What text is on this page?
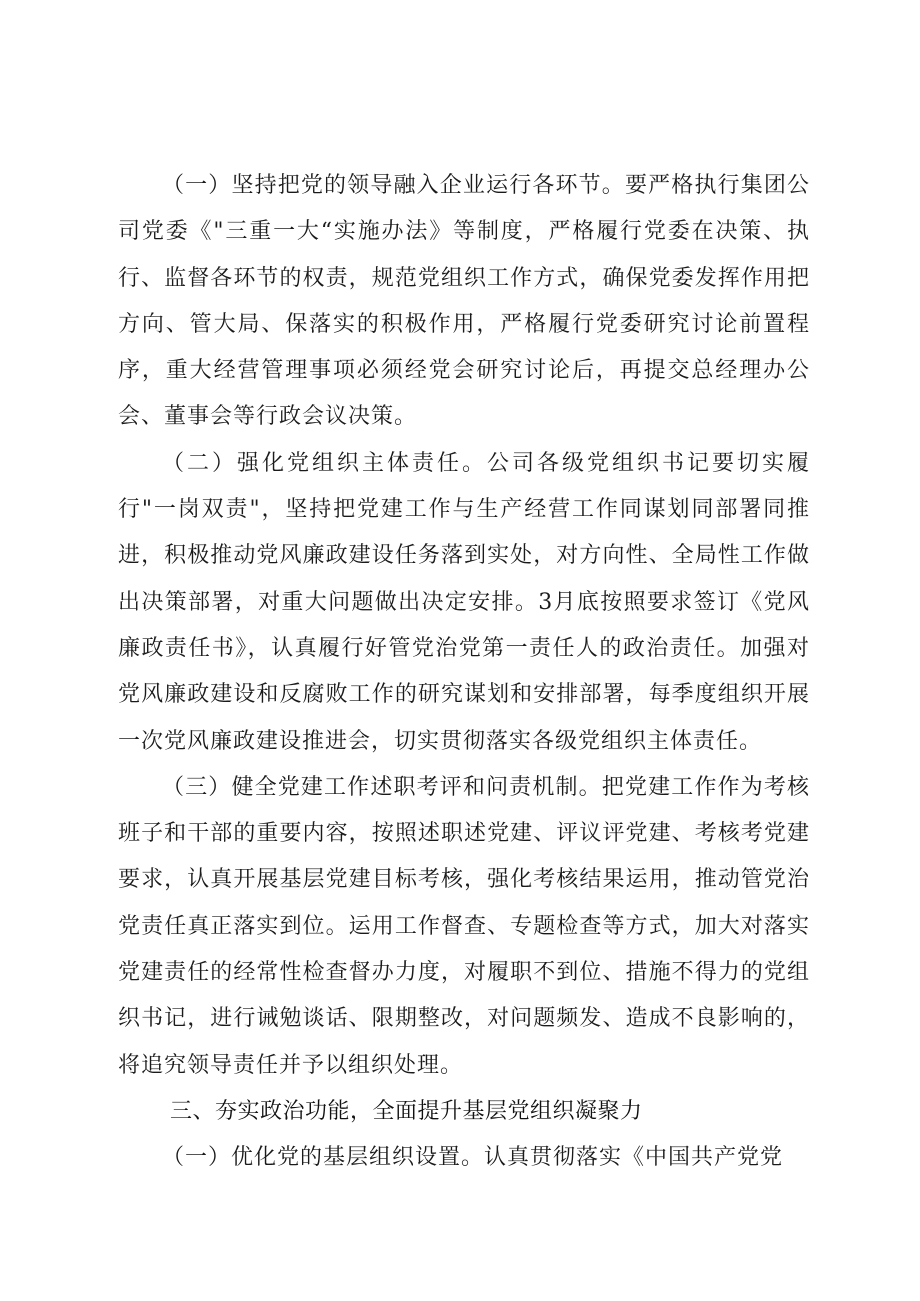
（一）坚持把党的领导融入企业运行各环节。要严格执行集团公司党委《"三重一大“实施办法》等制度，严格履行党委在决策、执行、监督各环节的权责，规范党组织工作方式，确保党委发挥作用把方向、管大局、保落实的积极作用，严格履行党委研究讨论前置程序，重大经营管理事项必须经党会研究讨论后，再提交总经理办公会、董事会等行政会议决策。

（二）强化党组织主体责任。公司各级党组织书记要切实履行"一岗双责"，坚持把党建工作与生产经营工作同谋划同部署同推进，积极推动党风廉政建设任务落到实处，对方向性、全局性工作做出决策部署，对重大问题做出决定安排。3月底按照要求签订《党风廉政责任书》，认真履行好管党治党第一责任人的政治责任。加强对党风廉政建设和反腐败工作的研究谋划和安排部署，每季度组织开展一次党风廉政建设推进会，切实贯彻落实各级党组织主体责任。

（三）健全党建工作述职考评和问责机制。把党建工作作为考核班子和干部的重要内容，按照述职述党建、评议评党建、考核考党建要求，认真开展基层党建目标考核，强化考核结果运用，推动管党治党责任真正落实到位。运用工作督查、专题检查等方式，加大对落实党建责任的经常性检查督办力度，对履职不到位、措施不得力的党组织书记，进行诫勉谈话、限期整改，对问题频发、造成不良影响的，将追究领导责任并予以组织处理。

三、夯实政治功能，全面提升基层党组织凝聚力

（一）优化党的基层组织设置。认真贯彻落实《中国共产党党
